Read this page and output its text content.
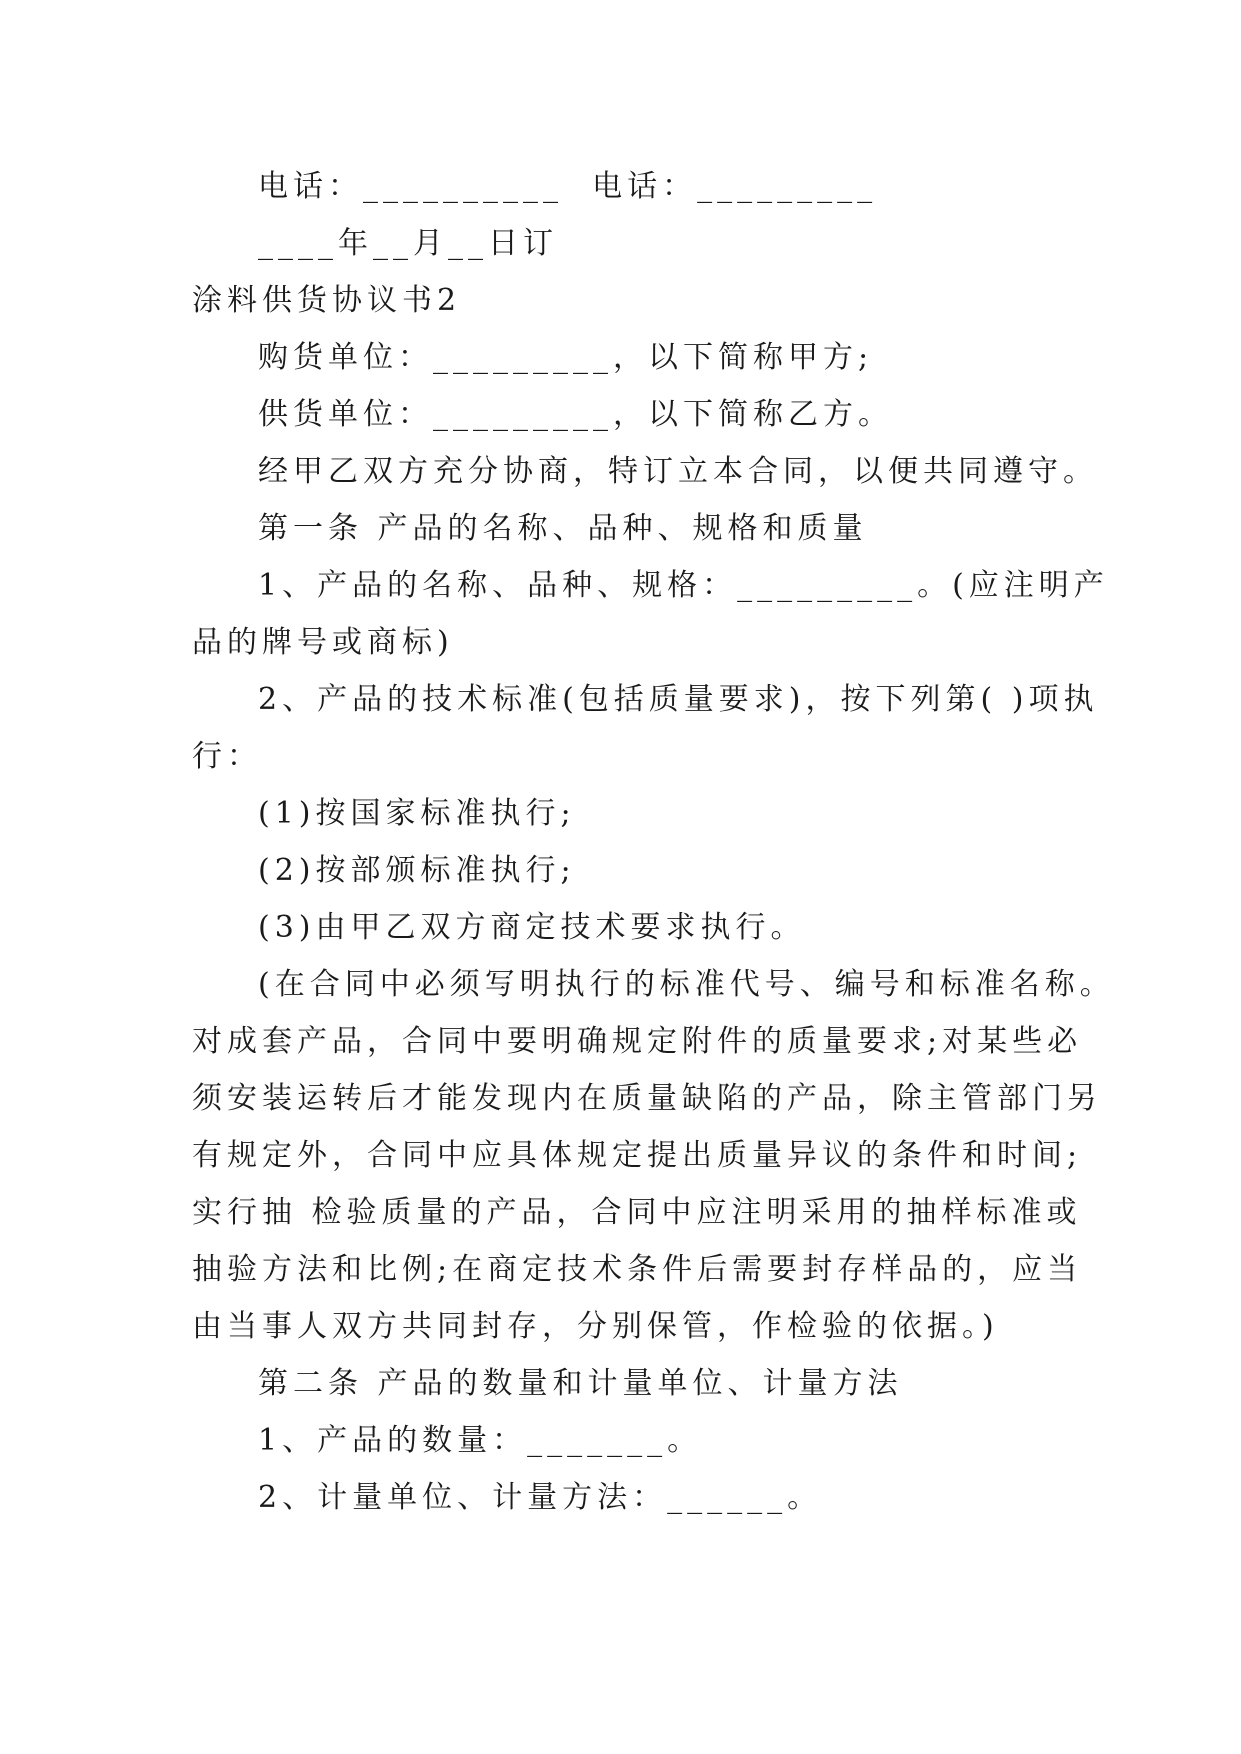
电话：__________  电话：_________
____年__月__日订
涂料供货协议书2
购货单位：_________，以下简称甲方;
供货单位：_________，以下简称乙方。
经甲乙双方充分协商，特订立本合同，以便共同遵守。
第一条 产品的名称、品种、规格和质量
1、产品的名称、品种、规格：_________。(应注明产
品的牌号或商标)
2、产品的技术标准(包括质量要求)，按下列第( )项执
行：
(1)按国家标准执行;
(2)按部颁标准执行;
(3)由甲乙双方商定技术要求执行。
(在合同中必须写明执行的标准代号、编号和标准名称。
对成套产品，合同中要明确规定附件的质量要求;对某些必
须安装运转后才能发现内在质量缺陷的产品，除主管部门另
有规定外，合同中应具体规定提出质量异议的条件和时间;
实行抽 检验质量的产品，合同中应注明采用的抽样标准或
抽验方法和比例;在商定技术条件后需要封存样品的，应当
由当事人双方共同封存，分别保管，作检验的依据。)
第二条 产品的数量和计量单位、计量方法
1、产品的数量：_______。
2、计量单位、计量方法：______。
